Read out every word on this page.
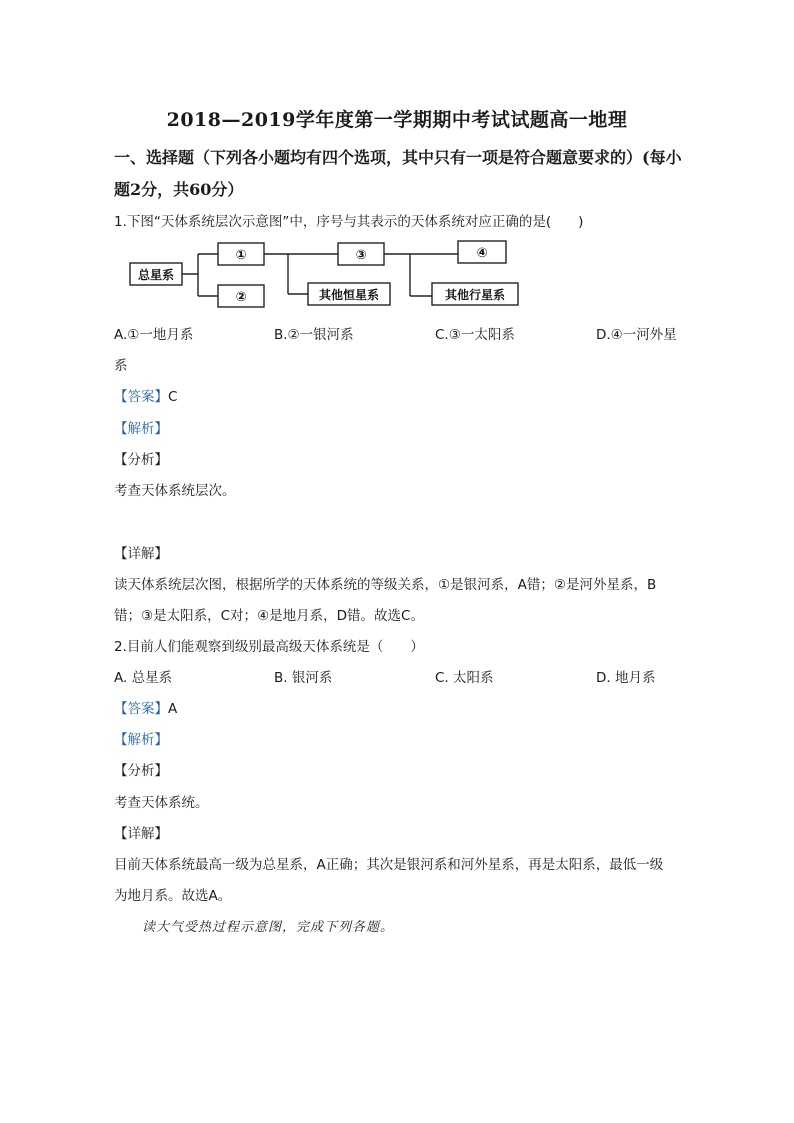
2018—2019学年度第一学期期中考试试题高一地理
一、选择题（下列各小题均有四个选项，其中只有一项是符合题意要求的）(每小
题2分，共60分）
1.下图“天体系统层次示意图”中，序号与其表示的天体系统对应正确的是(　　)
总星系
①
②
③
其他恒星系
④
其他行星系
A.①一地月系	B.②一银河系	C.③一太阳系	D.④一河外星
系
【答案】C
【解析】
【分析】
考查天体系统层次。
【详解】
读天体系统层次图，根据所学的天体系统的等级关系，①是银河系，A错；②是河外星系，B
错；③是太阳系，C对；④是地月系，D错。故选C。
2.目前人们能观察到级别最高级天体系统是（　　）
A. 总星系	B. 银河系	C. 太阳系	D. 地月系
【答案】A
【解析】
【分析】
考查天体系统。
【详解】
目前天体系统最高一级为总星系，A正确；其次是银河系和河外星系，再是太阳系，最低一级
为地月系。故选A。
读大气受热过程示意图，完成下列各题。
